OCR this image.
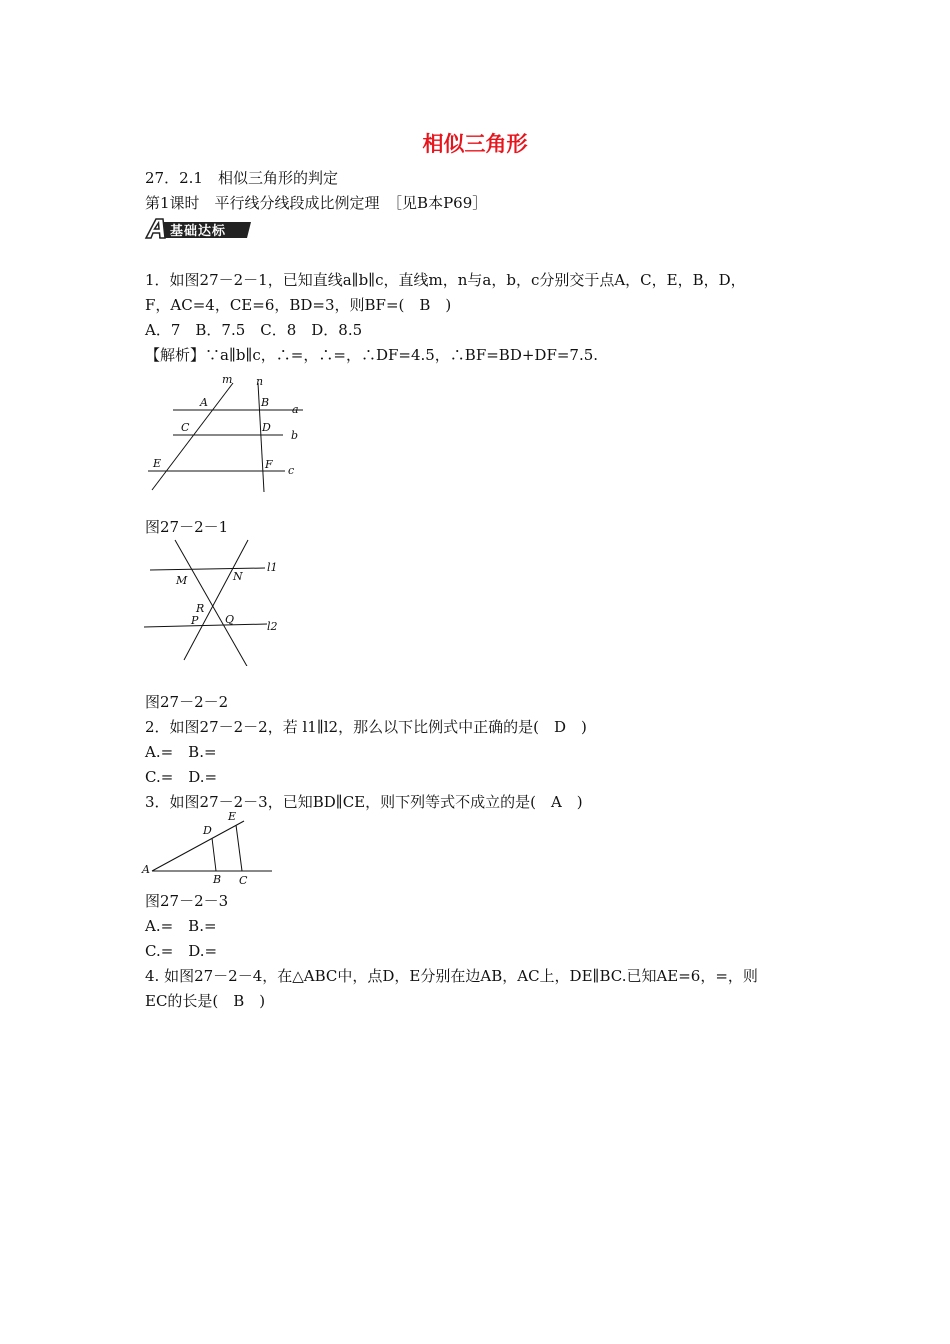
相似三角形
27．2.1　相似三角形的判定
第1课时　平行线分线段成比例定理　［见B本P69］
基础达标
1．如图27－2－1，已知直线a∥b∥c，直线m，n与a，b，c分别交于点A，C，E，B，D，
F，AC=4，CE=6，BD=3，则BF=(　B　)
A．7　B．7.5　C．8　D．8.5
【解析】∵a∥b∥c，∴=，∴=，∴DF=4.5，∴BF=BD+DF=7.5.
m n
A	B
a
C	D
b
E	F c
图27－2－1
l1
M	N
R
P Q
l2
图27－2－2
2．如图27－2－2，若 l1∥l2，那么以下比例式中正确的是(　D　)
A.=　B.=
C.=　D.=
3．如图27－2－3，已知BD∥CE，则下列等式不成立的是(　A　)
E
D
A
B C
图27－2－3
A.=　B.=
C.=　D.=
4. 如图27－2－4，在△ABC中，点D，E分别在边AB，AC上，DE∥BC.已知AE=6，=，则
EC的长是(　B　)
